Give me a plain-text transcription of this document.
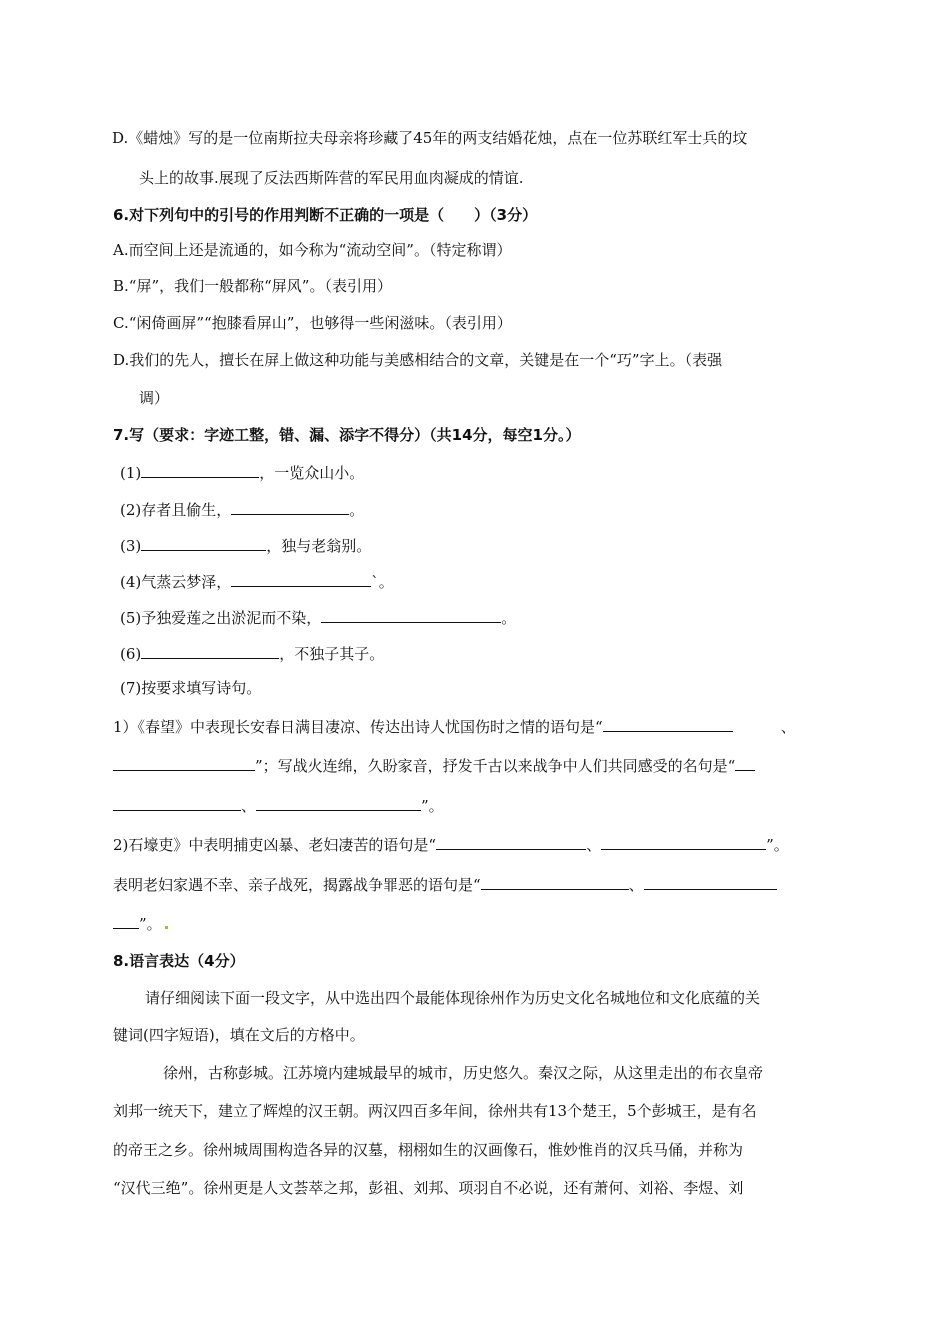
D.《蜡烛》写的是一位南斯拉夫母亲将珍藏了45年的两支结婚花烛，点在一位苏联红军士兵的坟
头上的故事.展现了反法西斯阵营的军民用血肉凝成的情谊.
6.对下列句中的引号的作用判断不正确的一项是（　　）（3分）
A.而空间上还是流通的，如今称为“流动空间”。（特定称谓）
B.“屏”，我们一般都称“屏风”。（表引用）
C.“闲倚画屏”“抱膝看屏山”，也够得一些闲滋味。（表引用）
D.我们的先人，擅长在屏上做这种功能与美感相结合的文章，关键是在一个“巧”字上。（表强
调）
7.写（要求：字迹工整，错、漏、添字不得分）（共14分，每空1分。）
(1)	，一览众山小。
(2)存者且偷生，	。
(3)	，独与老翁别。
(4)气蒸云梦泽，	`。
(5)予独爱莲之出淤泥而不染，	。
(6)	，不独子其子。
(7)按要求填写诗句。
1）《春望》中表现长安春日满目凄凉、传达出诗人忧国伤时之情的语句是“	、
”；写战火连绵，久盼家音，抒发千古以来战争中人们共同感受的名句是“
、	”。
2)石壕吏》中表明捕吏凶暴、老妇凄苦的语句是“	、	”。
表明老妇家遇不幸、亲子战死，揭露战争罪恶的语句是“	、
”。
8.语言表达（4分）
请仔细阅读下面一段文字，从中选出四个最能体现徐州作为历史文化名城地位和文化底蕴的关
键词(四字短语)，填在文后的方格中。
徐州，古称彭城。江苏境内建城最早的城市，历史悠久。秦汉之际，从这里走出的布衣皇帝
刘邦一统天下，建立了辉煌的汉王朝。两汉四百多年间，徐州共有13个楚王，5个彭城王，是有名
的帝王之乡。徐州城周围构造各异的汉墓，栩栩如生的汉画像石，惟妙惟肖的汉兵马俑，并称为
“汉代三绝”。徐州更是人文荟萃之邦，彭祖、刘邦、项羽自不必说，还有萧何、刘裕、李煜、刘
